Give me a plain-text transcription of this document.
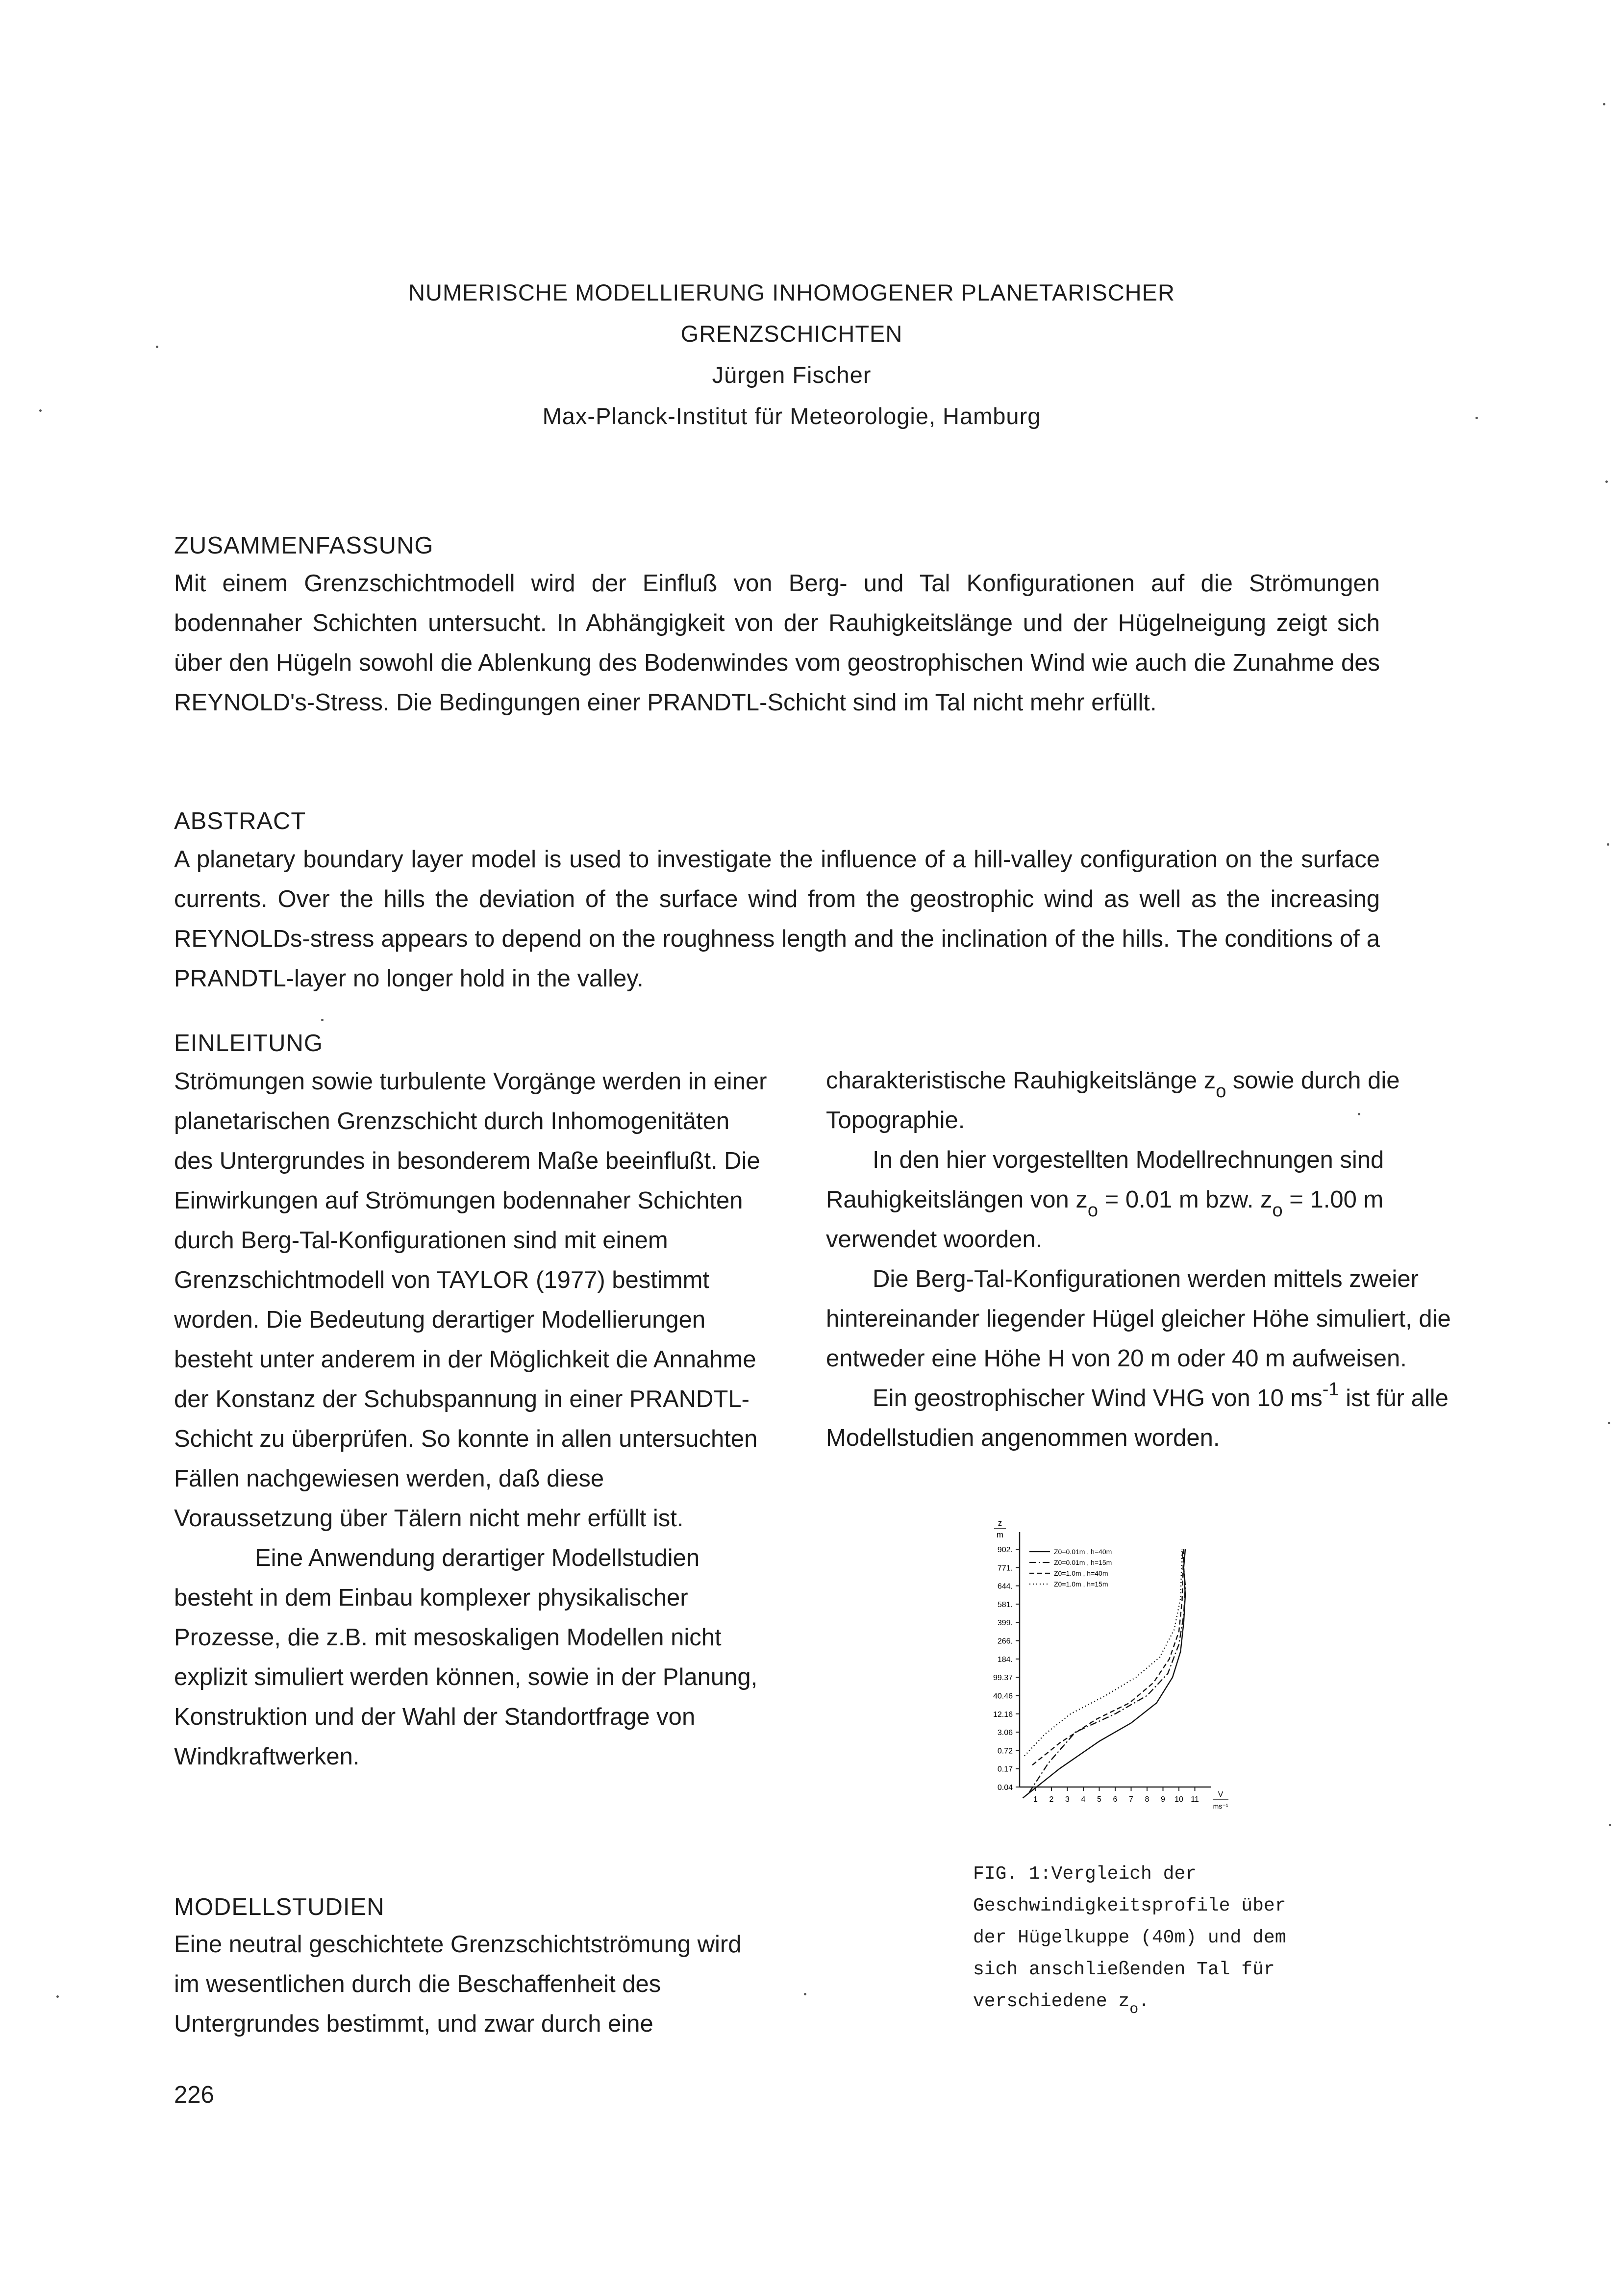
NUMERISCHE MODELLIERUNG INHOMOGENER PLANETARISCHER
GRENZSCHICHTEN
Jürgen Fischer
Max-Planck-Institut für Meteorologie, Hamburg
ZUSAMMENFASSUNG
Mit einem Grenzschichtmodell wird der Einfluß von Berg- und Tal Konfigurationen auf die Strömungen bodennaher Schichten untersucht. In Abhängigkeit von der Rauhigkeitslänge und der Hügelneigung zeigt sich über den Hügeln sowohl die Ablenkung des Bodenwindes vom geostrophischen Wind wie auch die Zunahme des REYNOLD's-Stress. Die Bedingungen einer PRANDTL-Schicht sind im Tal nicht mehr erfüllt.
ABSTRACT
A planetary boundary layer model is used to investigate the influence of a hill-valley configuration on the surface currents. Over the hills the deviation of the surface wind from the geostrophic wind as well as the increasing REYNOLDs-stress appears to depend on the roughness length and the inclination of the hills. The conditions of a PRANDTL-layer no longer hold in the valley.
EINLEITUNG

Strömungen sowie turbulente Vorgänge werden in einer planetarischen Grenzschicht durch Inhomogenitäten des Untergrundes in besonderem Maße beeinflußt. Die Einwirkungen auf Strömungen bodennaher Schichten durch Berg-Tal-Konfigurationen sind mit einem Grenzschichtmodell von TAYLOR (1977) bestimmt worden. Die Bedeutung derartiger Modellierungen besteht unter anderem in der Möglichkeit die Annahme der Konstanz der Schubspannung in einer PRANDTL-Schicht zu überprüfen. So konnte in allen untersuchten Fällen nachgewiesen werden, daß diese Voraussetzung über Tälern nicht mehr erfüllt ist.

Eine Anwendung derartiger Modellstudien besteht in dem Einbau komplexer physikalischer Prozesse, die z.B. mit mesoskaligen Modellen nicht explizit simuliert werden können, sowie in der Planung, Konstruktion und der Wahl der Standortfrage von Windkraftwerken.

MODELLSTUDIEN

Eine neutral geschichtete Grenzschichtströmung wird im wesentlichen durch die Beschaffenheit des Untergrundes bestimmt, und zwar durch eine

charakteristische Rauhigkeitslänge $z_o$ sowie durch die Topographie.

In den hier vorgestellten Modellrechnungen sind Rauhigkeitslängen von $z_o = 0.01$ m bzw. $z_o = 1.00$ m verwendet woorden.

Die Berg-Tal-Konfigurationen werden mittels zweier hintereinander liegender Hügel gleicher Höhe simuliert, die entweder eine Höhe H von 20 m oder 40 m aufweisen.

Ein geostrophischer Wind VHG von 10 $ms^{-1}$ ist für alle Modellstudien angenommen worden.

z
m
902.
771.
644.
581.
399.
266.
184.
99.37
40.46
12.16
3.06
0.72
0.17
0.04
1 2 3 4 5 6 7 8 9 10 11
V
ms⁻¹
Z0=0.01m , h=40m
Z0=0.01m , h=15m
Z0=1.0m , h=40m
Z0=1.0m , h=15m
FIG. 1:Vergleich der Geschwindigkeitsprofile über der Hügelkuppe (40m) und dem sich anschließenden Tal für verschiedene $z_o$.
226
